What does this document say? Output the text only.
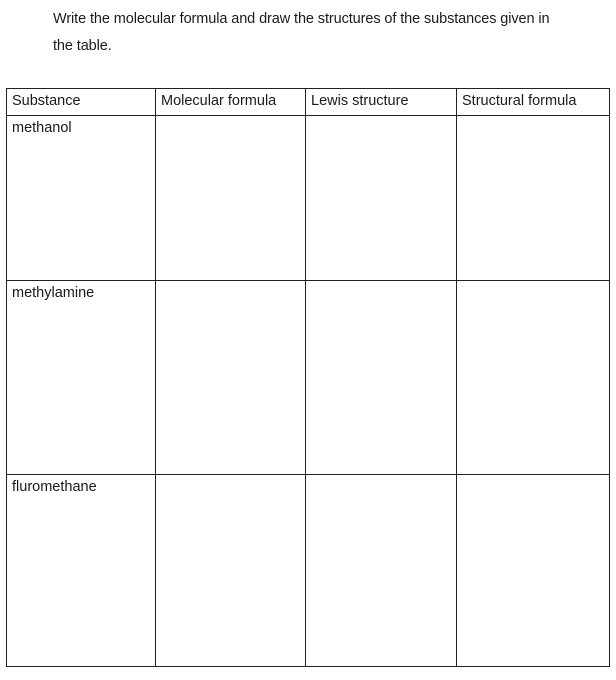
Write the molecular formula and draw the structures of the substances given in
the table.
Substance	Molecular formula	Lewis structure	Structural formula
methanol			
methylamine			
fluromethane			
